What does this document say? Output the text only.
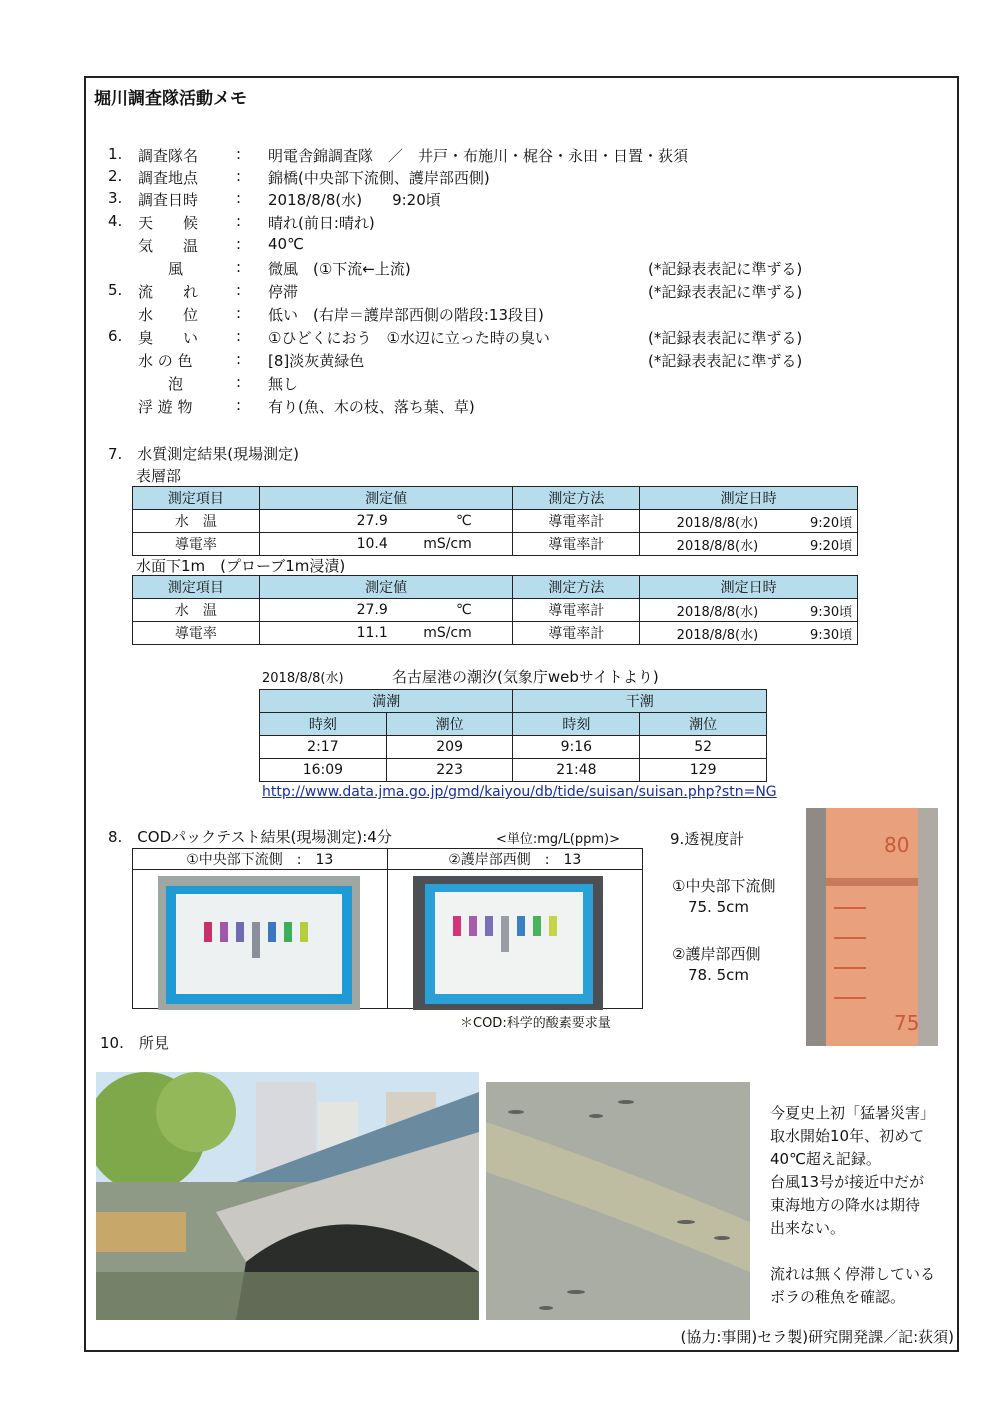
堀川調査隊活動メモ
1. 調査隊名	: 明電舎錦調査隊　／　井戸・布施川・梶谷・永田・日置・荻須
2. 調査地点	: 錦橋(中央部下流側、護岸部西側)
3. 調査日時	: 2018/8/8(水)　　9:20頃
4. 天　　候	: 晴れ(前日:晴れ)
気　　温	: 40℃
　　風	: 微風　(①下流←上流)	(*記録表表記に準ずる)
5. 流　　れ	: 停滞	(*記録表表記に準ずる)
水　　位	: 低い　(右岸＝護岸部西側の階段:13段目)
6. 臭　　い	: ①ひどくにおう　①水辺に立った時の臭い	(*記録表表記に準ずる)
水 の 色	: [8]淡灰黄緑色	(*記録表表記に準ずる)
　　泡	: 無し
浮 遊 物	: 有り(魚、木の枝、落ち葉、草)
7.　水質測定結果(現場測定)
表層部
測定項目	測定値	測定方法	測定日時
水　温	27.9 ℃	導電率計	2018/8/8(水) 9:20頃
導電率	10.4 mS/cm	導電率計	2018/8/8(水) 9:20頃
水面下1m　(プローブ1m浸漬)
測定項目	測定値	測定方法	測定日時
水　温	27.9 ℃	導電率計	2018/8/8(水) 9:30頃
導電率	11.1 mS/cm	導電率計	2018/8/8(水) 9:30頃
2018/8/8(水)	名古屋港の潮汐(気象庁webサイトより)
満潮		干潮	
時刻	潮位	時刻	潮位
2:17	209	9:16	52
16:09	223	21:48	129
http://www.data.jma.go.jp/gmd/kaiyou/db/tide/suisan/suisan.php?stn=NG
8.　CODパックテスト結果(現場測定):4分	<単位:mg/L(ppm)>
①中央部下流側　:　13	②護岸部西側　:　13

＊COD:科学的酸素要求量
9.透視度計
①中央部下流側
75. 5cm
②護岸部西側
78. 5cm
80
75
10.　所見
今夏史上初「猛暑災害」
取水開始10年、初めて
40℃超え記録。
台風13号が接近中だが
東海地方の降水は期待
出来ない。
流れは無く停滞している
ボラの稚魚を確認。
(協力:事開)セラ製)研究開発課／記:荻須)
